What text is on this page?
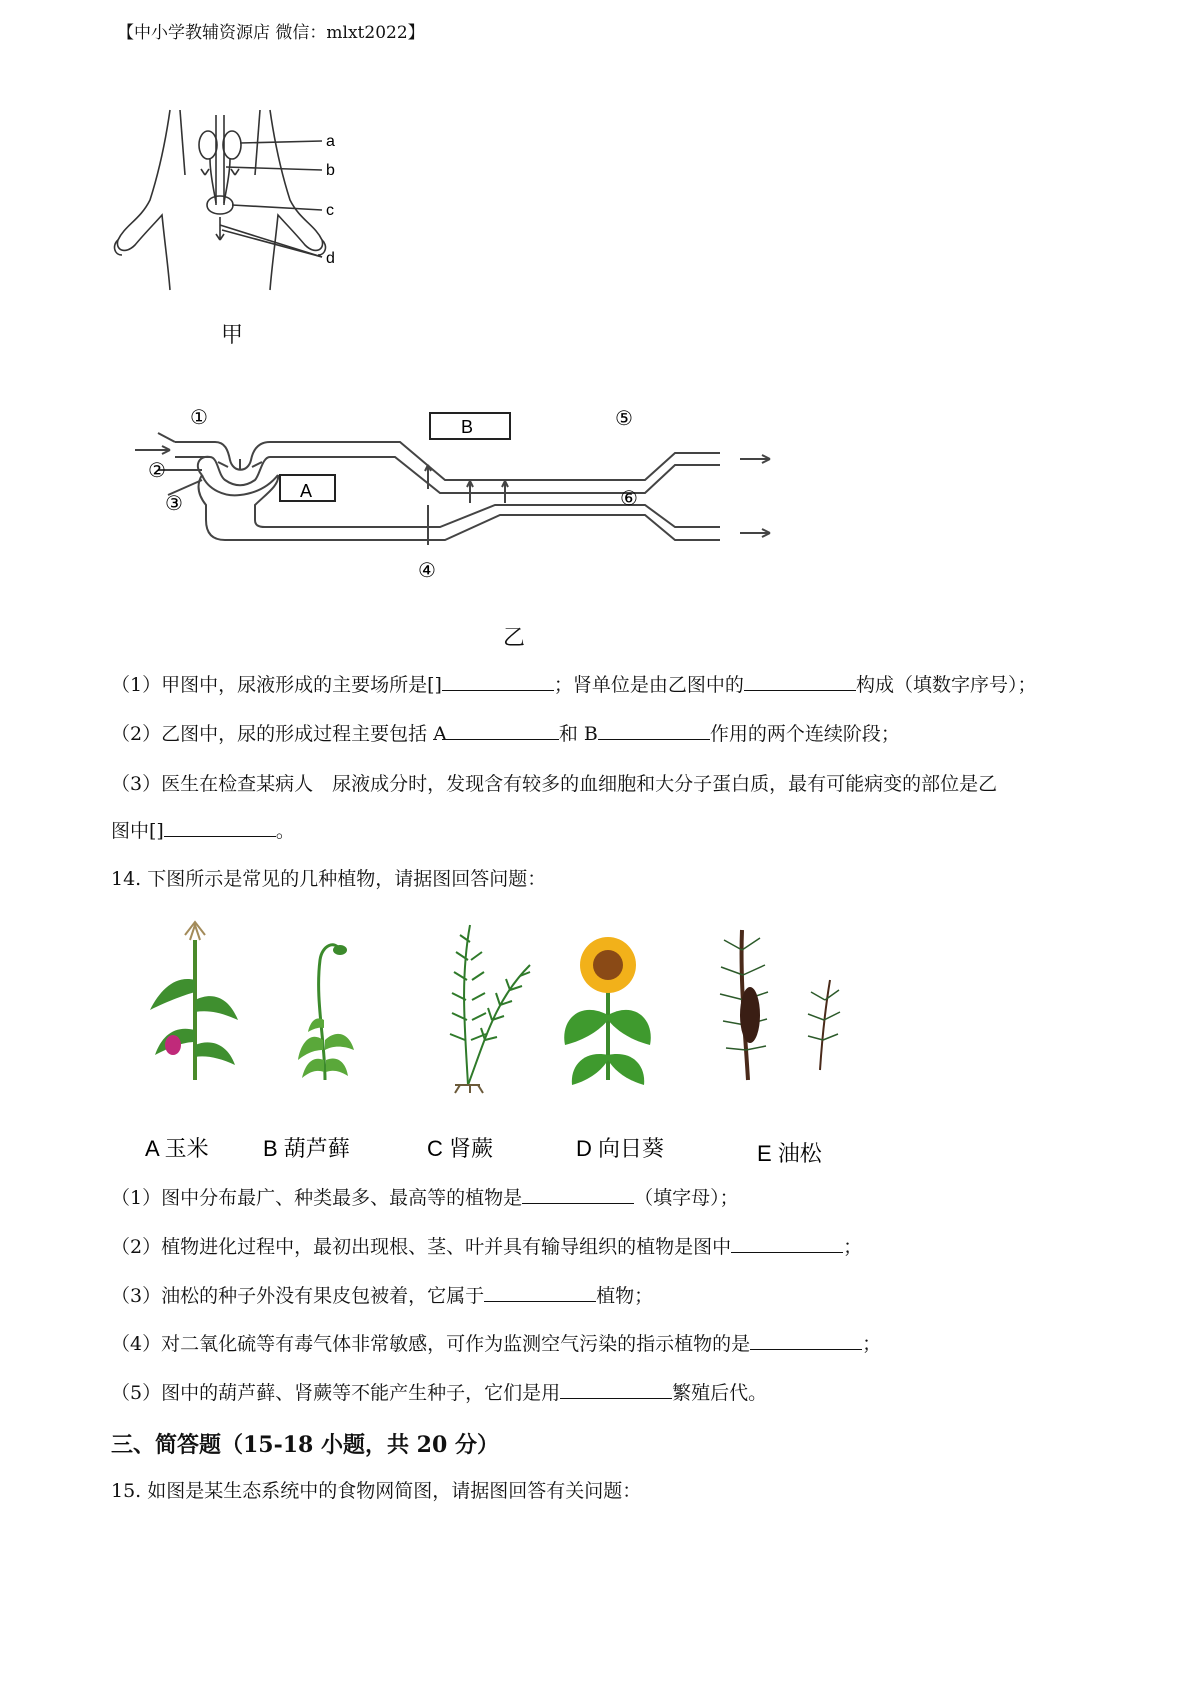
【中小学教辅资源店 微信：mlxt2022】
a
b
c
d
甲
①
②
③
④
⑤
⑥
A
B
乙
（1）甲图中，尿液形成的主要场所是[]	；肾单位是由乙图中的	构成（填数字序号）；
（2）乙图中，尿的形成过程主要包括 A	和 B	作用的两个连续阶段；
（3）医生在检查某病人　尿液成分时，发现含有较多的血细胞和大分子蛋白质，最有可能病变的部位是乙
图中[]	。
14. 下图所示是常见的几种植物，请据图回答问题：
A 玉米 B 葫芦藓	C 肾蕨	D 向日葵	E 油松
（1）图中分布最广、种类最多、最高等的植物是	（填字母）；
（2）植物进化过程中，最初出现根、茎、叶并具有输导组织的植物是图中	；
（3）油松的种子外没有果皮包被着，它属于	植物；
（4）对二氧化硫等有毒气体非常敏感，可作为监测空气污染的指示植物的是	；
（5）图中的葫芦藓、肾蕨等不能产生种子，它们是用	繁殖后代。
三、简答题（15-18 小题，共 20 分）
15. 如图是某生态系统中的食物网简图，请据图回答有关问题：
